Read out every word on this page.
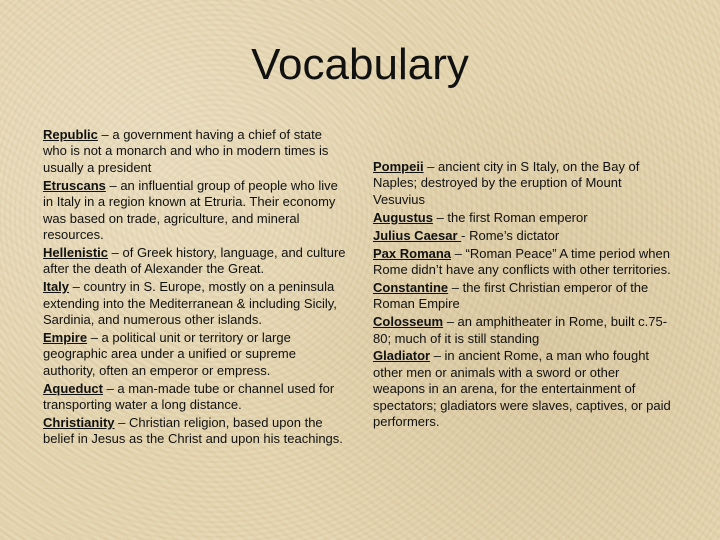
Vocabulary
Republic – a government having a chief of state who is not a monarch and who in modern times is usually a president
Etruscans – an influential group of people who live in Italy in a region known at Etruria. Their economy was based on trade, agriculture, and mineral resources.
Hellenistic – of Greek history, language, and culture after the death of Alexander the Great.
Italy – country in S. Europe, mostly on a peninsula extending into the Mediterranean & including Sicily, Sardinia, and numerous other islands.
Empire – a political unit or territory or large geographic area under a unified or supreme authority, often an emperor or empress.
Aqueduct – a man-made tube or channel used for transporting water a long distance.
Christianity – Christian religion, based upon the belief in Jesus as the Christ and upon his teachings.
Pompeii – ancient city in S Italy, on the Bay of Naples; destroyed by the eruption of Mount Vesuvius
Augustus – the first Roman emperor
Julius Caesar - Rome’s dictator
Pax Romana – “Roman Peace” A time period when Rome didn’t have any conflicts with other territories.
Constantine – the first Christian emperor of the Roman Empire
Colosseum – an amphitheater in Rome, built c.75-80; much of it is still standing
Gladiator – in ancient Rome, a man who fought other men or animals with a sword or other weapons in an arena, for the entertainment of spectators; gladiators were slaves, captives, or paid performers.
